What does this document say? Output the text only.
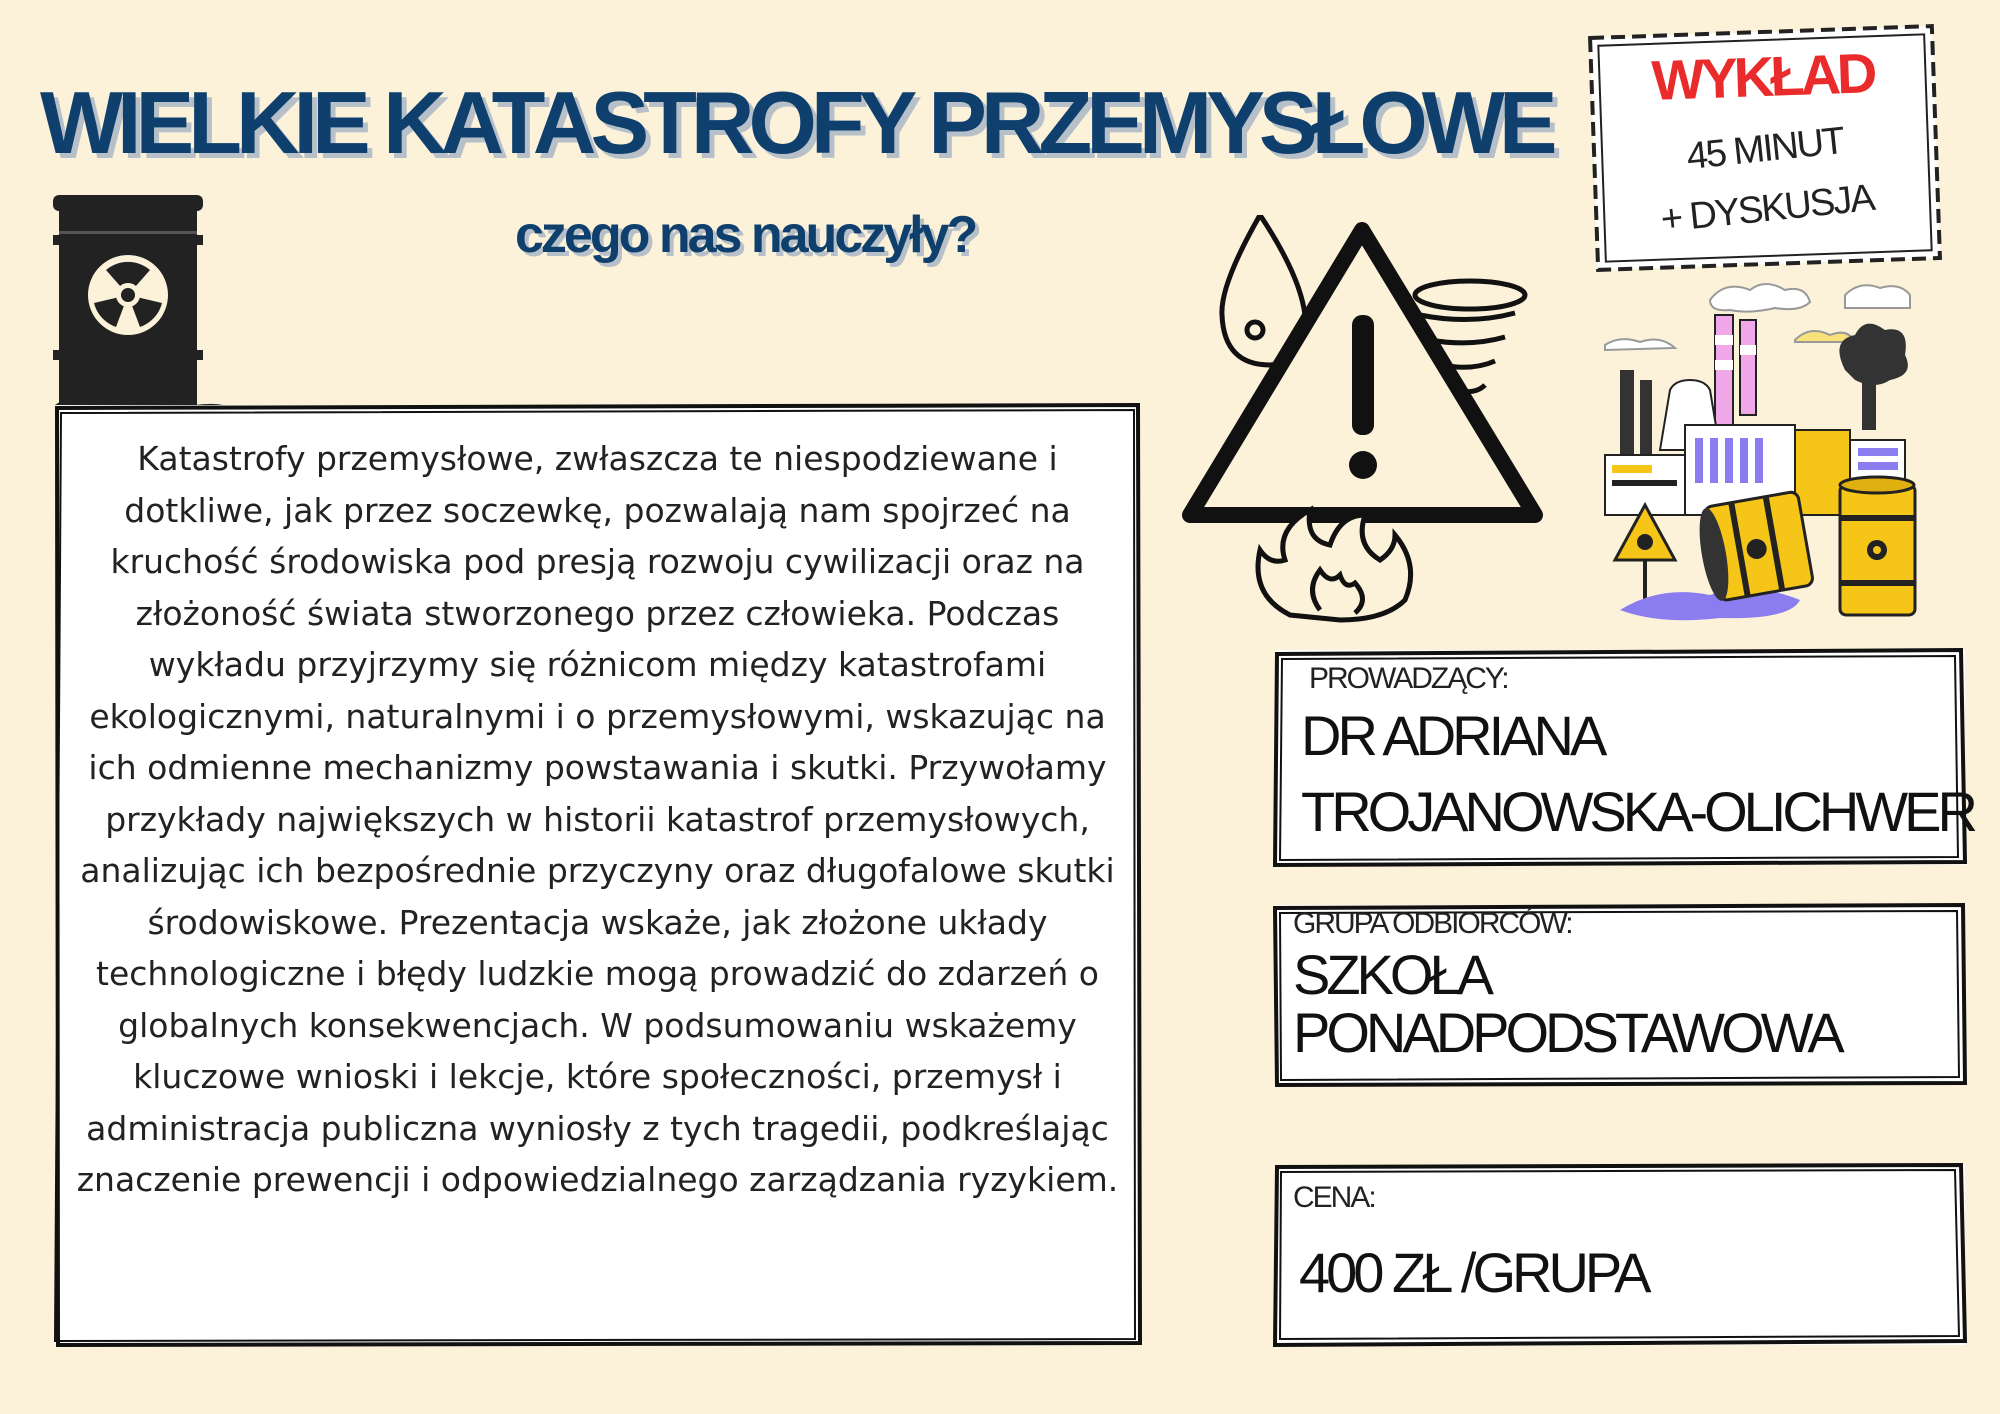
WIELKIE KATASTROFY PRZEMYSŁOWE
czego nas nauczyły?

WYKŁAD

45 MINUT
+ DYSKUSJA

Katastrofy przemysłowe, zwłaszcza te niespodziewane i dotkliwe, jak przez soczewkę, pozwalają nam spojrzeć na kruchość środowiska pod presją rozwoju cywilizacji oraz na złożoność świata stworzonego przez człowieka. Podczas wykładu przyjrzymy się różnicom między katastrofami ekologicznymi, naturalnymi i o przemysłowymi, wskazując na ich odmienne mechanizmy powstawania i skutki. Przywołamy przykłady największych w historii katastrof przemysłowych, analizując ich bezpośrednie przyczyny oraz długofalowe skutki środowiskowe. Prezentacja wskaże, jak złożone układy technologiczne i błędy ludzkie mogą prowadzić do zdarzeń o globalnych konsekwencjach. W podsumowaniu wskażemy kluczowe wnioski i lekcje, które społeczności, przemysł i administracja publiczna wyniosły z tych tragedii, podkreślając znaczenie prewencji i odpowiedzialnego zarządzania ryzykiem.

PROWADZĄCY:
DR ADRIANA
TROJANOWSKA-OLICHWER
GRUPA ODBIORCÓW:
SZKOŁA
PONADPODSTAWOWA
CENA:
400 ZŁ /GRUPA
